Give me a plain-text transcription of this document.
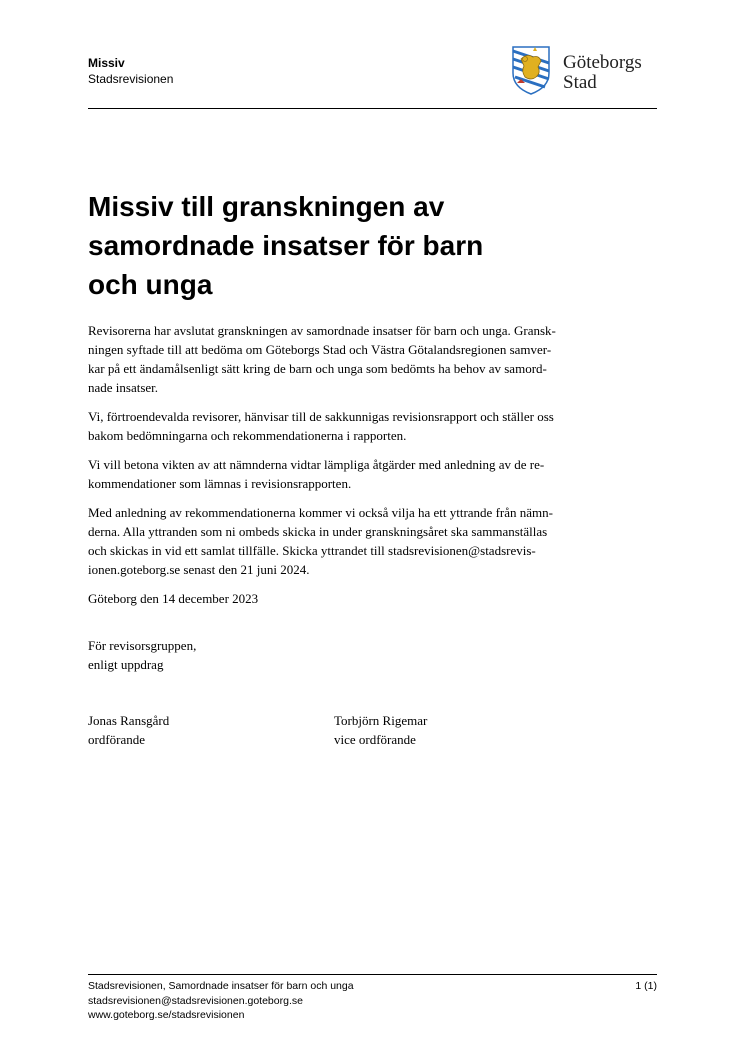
Missiv
Stadsrevisionen
Göteborgs
Stad
Missiv till granskningen av
samordnade insatser för barn
och unga

Revisorerna har avslutat granskningen av samordnade insatser för barn och unga. Gransk-
ningen syftade till att bedöma om Göteborgs Stad och Västra Götalandsregionen samver-
kar på ett ändamålsenligt sätt kring de barn och unga som bedömts ha behov av samord-
nade insatser.

Vi, förtroendevalda revisorer, hänvisar till de sakkunnigas revisionsrapport och ställer oss
bakom bedömningarna och rekommendationerna i rapporten.

Vi vill betona vikten av att nämnderna vidtar lämpliga åtgärder med anledning av de re-
kommendationer som lämnas i revisionsrapporten.

Med anledning av rekommendationerna kommer vi också vilja ha ett yttrande från nämn-
derna. Alla yttranden som ni ombeds skicka in under granskningsåret ska sammanställas
och skickas in vid ett samlat tillfälle. Skicka yttrandet till stadsrevisionen@stadsrevis-
ionen.goteborg.se senast den 21 juni 2024.

Göteborg den 14 december 2023

För revisorsgruppen,
enligt uppdrag
Jonas Ransgård
ordförande
Torbjörn Rigemar
vice ordförande
Stadsrevisionen, Samordnade insatser för barn och unga
stadsrevisionen@stadsrevisionen.goteborg.se
www.goteborg.se/stadsrevisionen
1 (1)
